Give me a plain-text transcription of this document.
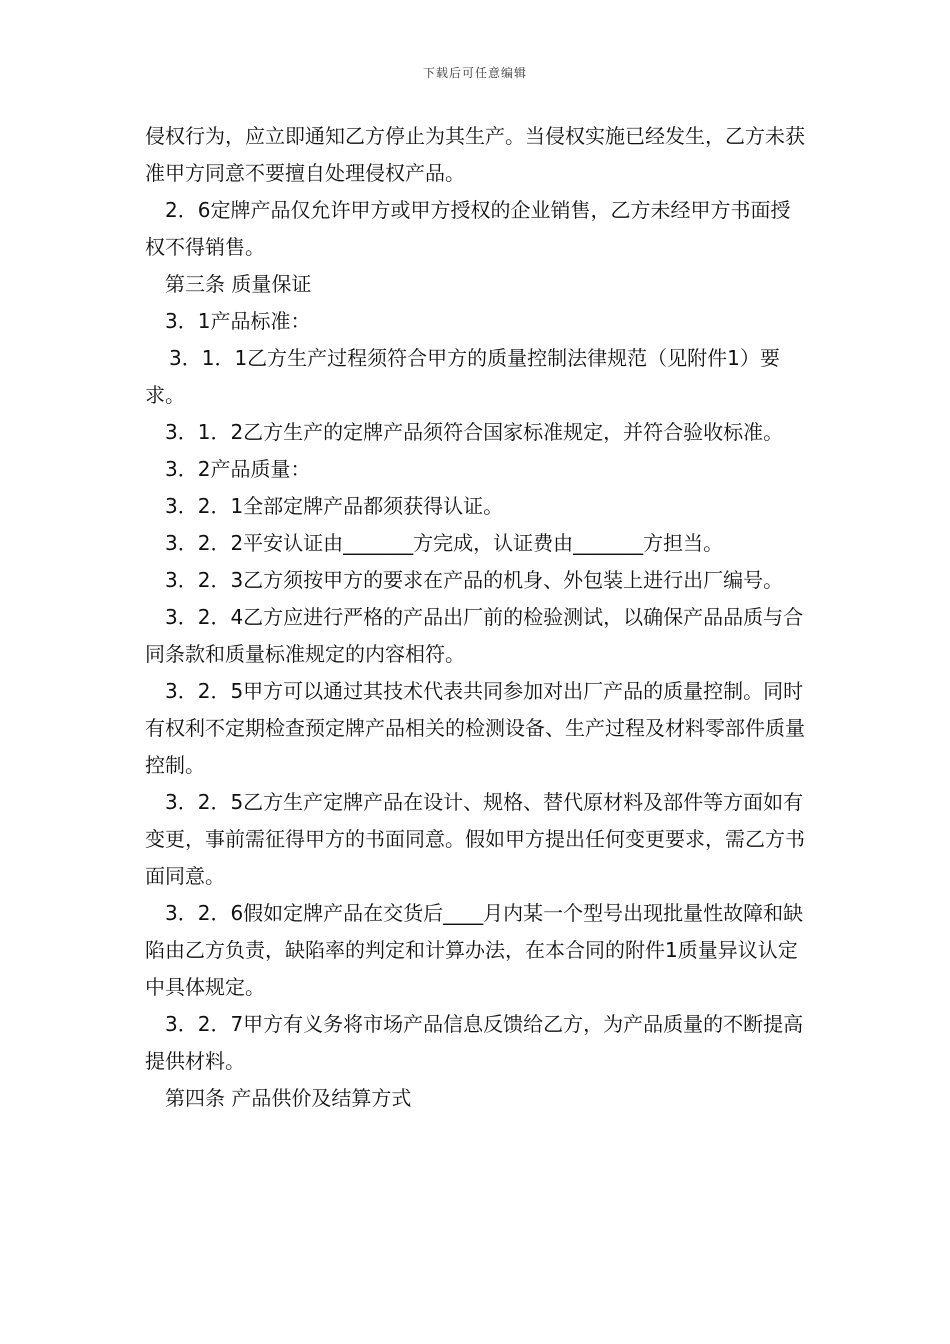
下载后可任意编辑

侵权行为，应立即通知乙方停止为其生产。当侵权实施已经发生，乙方未获准甲方同意不要擅自处理侵权产品。

2．6定牌产品仅允许甲方或甲方授权的企业销售，乙方未经甲方书面授权不得销售。

第三条 质量保证

3．1产品标准：

3．1．1乙方生产过程须符合甲方的质量控制法律规范（见附件1）要求。

3．1．2乙方生产的定牌产品须符合国家标准规定，并符合验收标准。

3．2产品质量：

3．2．1全部定牌产品都须获得认证。

3．2．2平安认证由_______方完成，认证费由_______方担当。

3．2．3乙方须按甲方的要求在产品的机身、外包装上进行出厂编号。

3．2．4乙方应进行严格的产品出厂前的检验测试，以确保产品品质与合同条款和质量标准规定的内容相符。

3．2．5甲方可以通过其技术代表共同参加对出厂产品的质量控制。同时有权利不定期检查预定牌产品相关的检测设备、生产过程及材料零部件质量控制。

3．2．5乙方生产定牌产品在设计、规格、替代原材料及部件等方面如有变更，事前需征得甲方的书面同意。假如甲方提出任何变更要求，需乙方书面同意。

3．2．6假如定牌产品在交货后____月内某一个型号出现批量性故障和缺陷由乙方负责，缺陷率的判定和计算办法，在本合同的附件1质量异议认定中具体规定。

3．2．7甲方有义务将市场产品信息反馈给乙方，为产品质量的不断提高提供材料。

第四条 产品供价及结算方式
